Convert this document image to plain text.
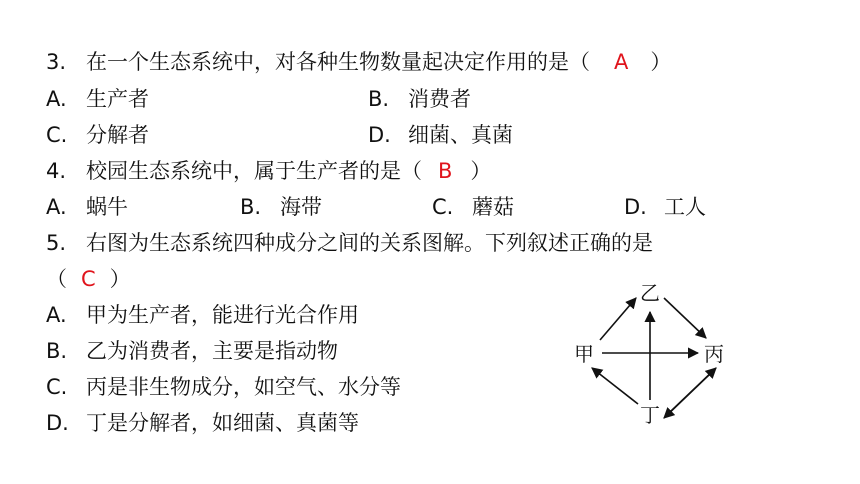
3. 在一个生态系统中，对各种生物数量起决定作用的是（ A ）
A. 生产者	B. 消费者
C. 分解者	D. 细菌、真菌
4. 校园生态系统中，属于生产者的是（ B ）
A. 蜗牛	B. 海带	C. 蘑菇	D. 工人
5. 右图为生态系统四种成分之间的关系图解。下列叙述正确的是
（ C ）
A. 甲为生产者，能进行光合作用
B. 乙为消费者，主要是指动物
C. 丙是非生物成分，如空气、水分等
D. 丁是分解者，如细菌、真菌等
乙
甲	丙
丁
